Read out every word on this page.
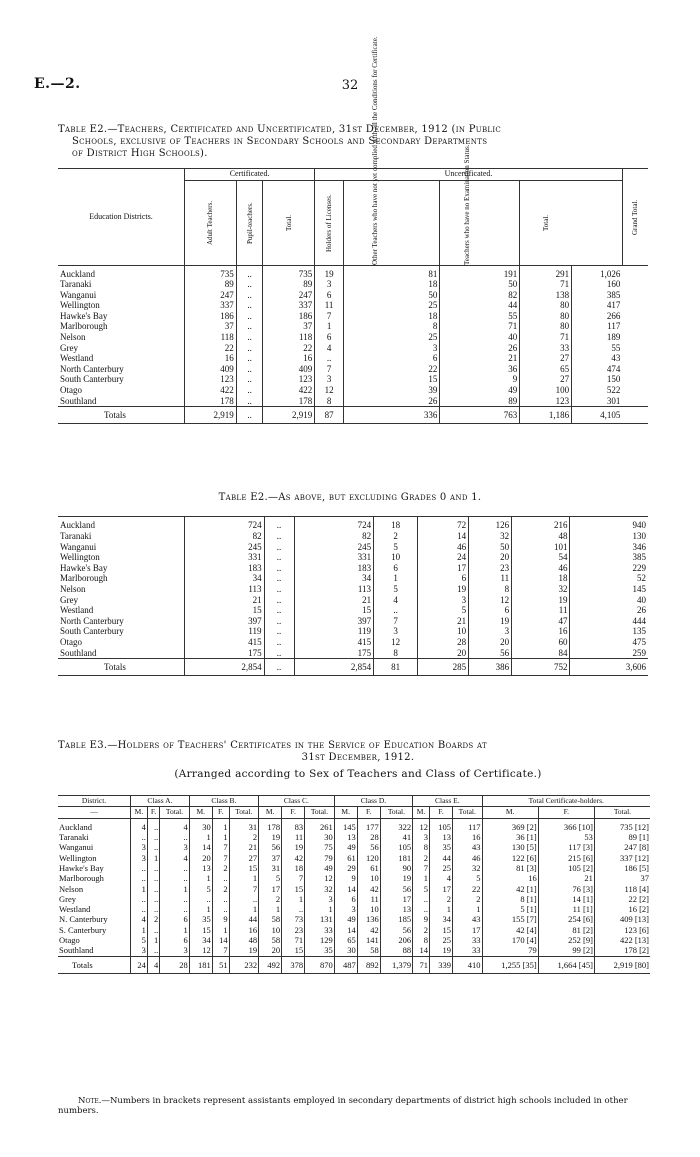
E.—2.	32
Table E2.—Teachers, Certificated and Uncertificated, 31st December, 1912 (in Public
Schools, exclusive of Teachers in Secondary Schools and Secondary Departments
of District High Schools).
Education Districts.	Certificated.			Uncertificated.					Grand Total.

	Adult Teachers.	Pupil-teachers.	Total.	Holders of Licenses.	Other Teachers who have not yet complied with all the Conditions for Certificate.	Teachers who have no Examination Status.	Total.		

Auckland	735	..	735	19	81	191	291	1,026	
Taranaki	89	..	89	3	18	50	71	160	
Wanganui	247	..	247	6	50	82	138	385	
Wellington	337	..	337	11	25	44	80	417	
Hawke's Bay	186	..	186	7	18	55	80	266	
Marlborough	37	..	37	1	8	71	80	117	
Nelson	118	..	118	6	25	40	71	189	
Grey	22	..	22	4	3	26	33	55	
Westland	16	..	16	..	6	21	27	43	
North Canterbury	409	..	409	7	22	36	65	474	
South Canterbury	123	..	123	3	15	9	27	150	
Otago	422	..	422	12	39	49	100	522	
Southland	178	..	178	8	26	89	123	301	
Totals	2,919	..	2,919	87	336	763	1,186	4,105	
Table E2.—As above, but excluding Grades 0 and 1.

Auckland	724	..	724	18	72	126	216	940
Taranaki	82	..	82	2	14	32	48	130
Wanganui	245	..	245	5	46	50	101	346
Wellington	331	..	331	10	24	20	54	385
Hawke's Bay	183	..	183	6	17	23	46	229
Marlborough	34	..	34	1	6	11	18	52
Nelson	113	..	113	5	19	8	32	145
Grey	21	..	21	4	3	12	19	40
Westland	15	..	15	..	5	6	11	26
North Canterbury	397	..	397	7	21	19	47	444
South Canterbury	119	..	119	3	10	3	16	135
Otago	415	..	415	12	28	20	60	475
Southland	175	..	175	8	20	56	84	259
Totals	2,854	..	2,854	81	285	386	752	3,606
Table E3.—Holders of Teachers' Certificates in the Service of Education Boards at
31st December, 1912.
(Arranged according to Sex of Teachers and Class of Certificate.)
District.	Class A.			Class B.			Class C.			Class D.			Class E.			Total Certificate-holders.		
—	M.	F.	Total.	M.	F.	Total.	M.	F.	Total.	M.	F.	Total.	M.	F.	Total.	M.	F.	Total.
Auckland	4	..	4	30	1	31	178	83	261	145	177	322	12	105	117	369 [2]	366 [10]	735 [12]
Taranaki	..	..	..	1	1	2	19	11	30	13	28	41	3	13	16	36 [1]	53	89 [1]
Wanganui	3	..	3	14	7	21	56	19	75	49	56	105	8	35	43	130 [5]	117 [3]	247 [8]
Wellington	3	1	4	20	7	27	37	42	79	61	120	181	2	44	46	122 [6]	215 [6]	337 [12]
Hawke's Bay	..	..	..	13	2	15	31	18	49	29	61	90	7	25	32	81 [3]	105 [2]	186 [5]
Marlborough	..	..	..	1	..	1	5	7	12	9	10	19	1	4	5	16	21	37
Nelson	1	..	1	5	2	7	17	15	32	14	42	56	5	17	22	42 [1]	76 [3]	118 [4]
Grey	..	..	..	..	..	..	2	1	3	6	11	17	..	2	2	8 [1]	14 [1]	22 [2]
Westland	..	..	..	1	..	1	1	..	1	3	10	13	..	1	1	5 [1]	11 [1]	16 [2]
N. Canterbury	4	2	6	35	9	44	58	73	131	49	136	185	9	34	43	155 [7]	254 [6]	409 [13]
S. Canterbury	1	..	1	15	1	16	10	23	33	14	42	56	2	15	17	42 [4]	81 [2]	123 [6]
Otago	5	1	6	34	14	48	58	71	129	65	141	206	8	25	33	170 [4]	252 [9]	422 [13]
Southland	3	..	3	12	7	19	20	15	35	30	58	88	14	19	33	79	99 [2]	178 [2]
Totals	24	4	28	181	51	232	492	378	870	487	892	1,379	71	339	410	1,255 [35]	1,664 [45]	2,919 [80]
Note.—Numbers in brackets represent assistants employed in secondary departments of district high schools included in other numbers.
